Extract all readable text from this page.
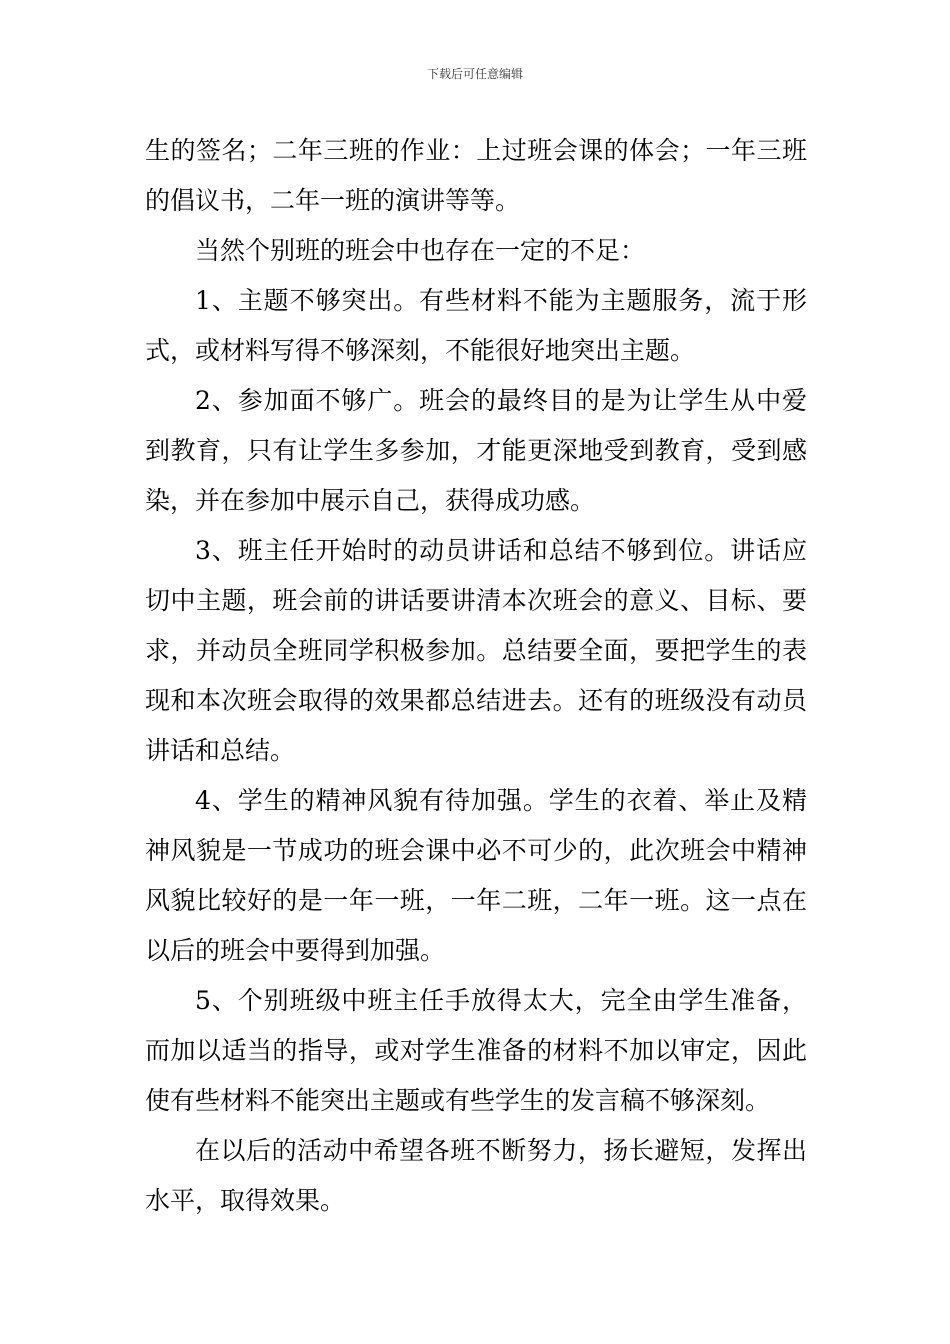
下载后可任意编辑

生的签名；二年三班的作业：上过班会课的体会；一年三班的倡议书，二年一班的演讲等等。

当然个别班的班会中也存在一定的不足：

1、主题不够突出。有些材料不能为主题服务，流于形式，或材料写得不够深刻，不能很好地突出主题。

2、参加面不够广。班会的最终目的是为让学生从中爱到教育，只有让学生多参加，才能更深地受到教育，受到感染，并在参加中展示自己，获得成功感。

3、班主任开始时的动员讲话和总结不够到位。讲话应切中主题，班会前的讲话要讲清本次班会的意义、目标、要求，并动员全班同学积极参加。总结要全面，要把学生的表现和本次班会取得的效果都总结进去。还有的班级没有动员讲话和总结。

4、学生的精神风貌有待加强。学生的衣着、举止及精神风貌是一节成功的班会课中必不可少的，此次班会中精神风貌比较好的是一年一班，一年二班，二年一班。这一点在以后的班会中要得到加强。

5、个别班级中班主任手放得太大，完全由学生准备，而加以适当的指导，或对学生准备的材料不加以审定，因此使有些材料不能突出主题或有些学生的发言稿不够深刻。

在以后的活动中希望各班不断努力，扬长避短，发挥出水平，取得效果。
